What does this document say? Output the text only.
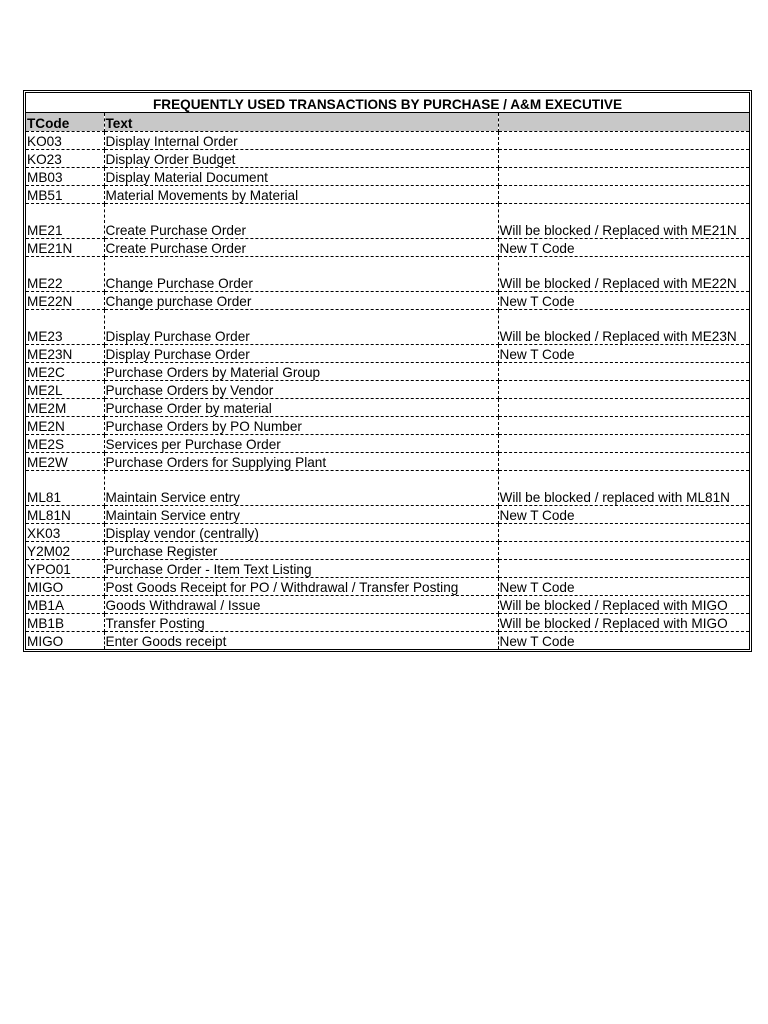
FREQUENTLY USED TRANSACTIONS BY PURCHASE / A&M EXECUTIVE		
TCode	Text	
KO03	Display Internal Order	
KO23	Display Order Budget	
MB03	Display Material Document	
MB51	Material Movements by Material	
ME21	Create Purchase Order	Will be blocked / Replaced with ME21N
ME21N	Create Purchase Order	New T Code
ME22	Change Purchase Order	Will be blocked / Replaced with ME22N
ME22N	Change purchase Order	New T Code
ME23	Display Purchase Order	Will be blocked / Replaced with ME23N
ME23N	Display Purchase Order	New T Code
ME2C	Purchase Orders by Material Group	
ME2L	Purchase Orders by Vendor	
ME2M	Purchase Order by material	
ME2N	Purchase Orders by PO Number	
ME2S	Services per Purchase Order	
ME2W	Purchase Orders for Supplying Plant	
ML81	Maintain Service entry	Will be blocked / replaced with ML81N
ML81N	Maintain Service entry	New T Code
XK03	Display vendor (centrally)	
Y2M02	Purchase Register	
YPO01	Purchase Order - Item Text Listing	
MIGO	Post Goods Receipt for PO / Withdrawal / Transfer Posting	New T Code
MB1A	Goods Withdrawal / Issue	Will be blocked / Replaced with MIGO
MB1B	Transfer Posting	Will be blocked / Replaced with MIGO
MIGO	Enter Goods receipt	New T Code
